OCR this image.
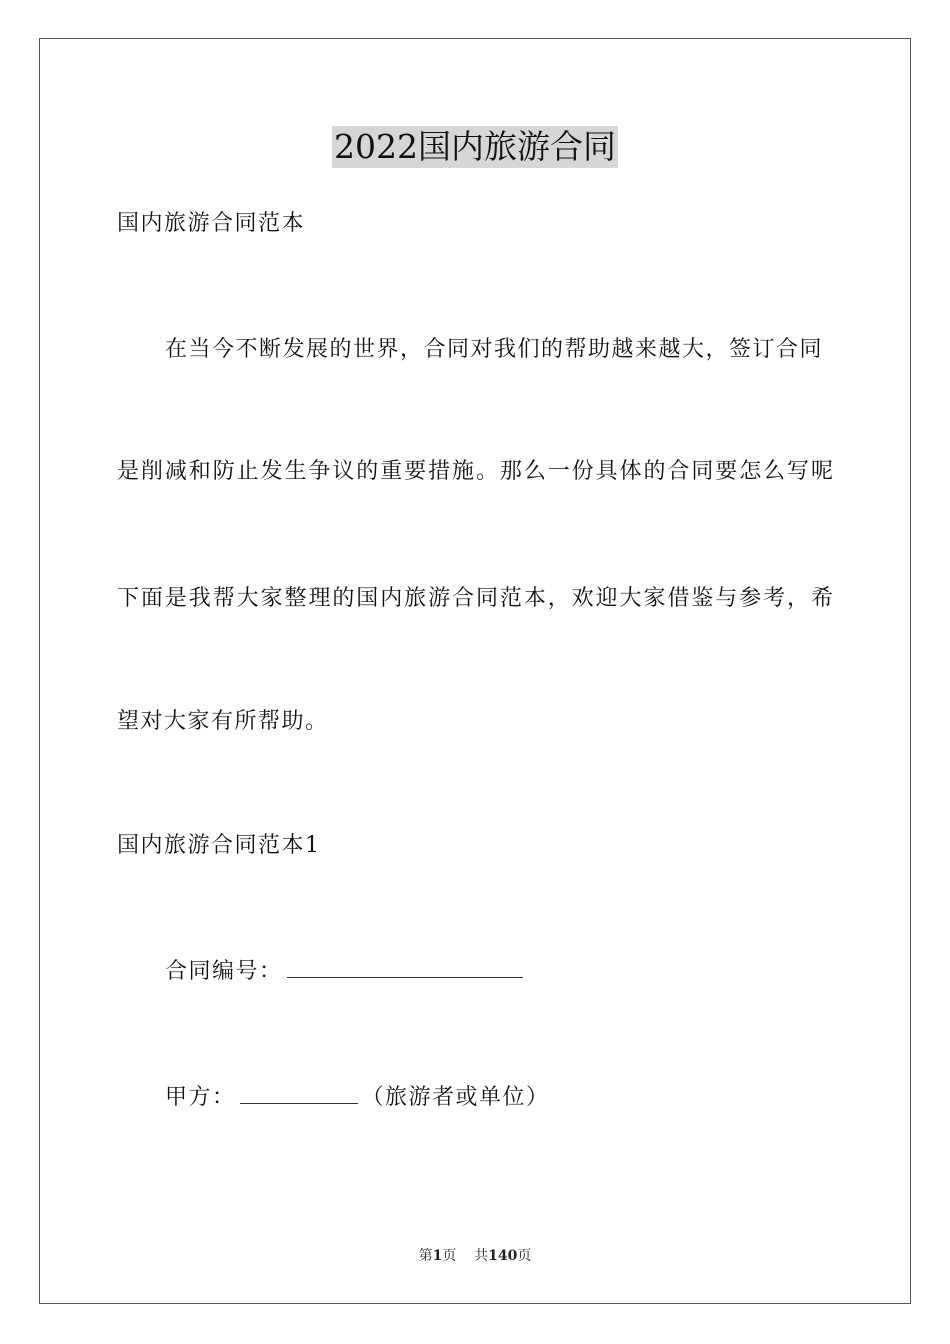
2022国内旅游合同
国内旅游合同范本
在当今不断发展的世界，合同对我们的帮助越来越大，签订合同
是削减和防止发生争议的重要措施。那么一份具体的合同要怎么写呢
下面是我帮大家整理的国内旅游合同范本，欢迎大家借鉴与参考，希
望对大家有所帮助。
国内旅游合同范本1
合同编号：
甲方：	（旅游者或单位）
第1页 共140页
